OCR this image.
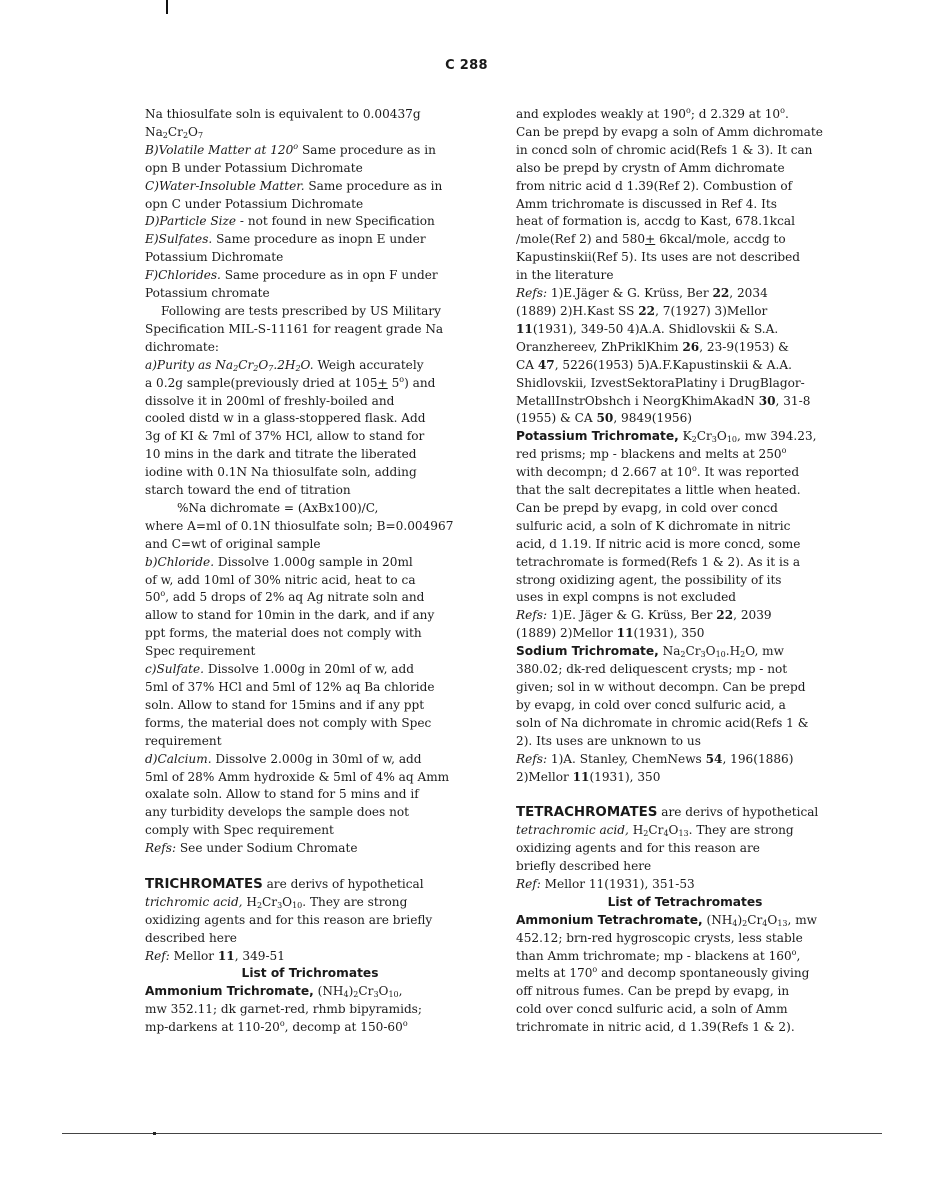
C 288

Na thiosulfate soln is equivalent to 0.00437g

$Na_2Cr_2O_7$

B)Volatile Matter at 120$^o$ Same procedure as in

opn B under Potassium Dichromate

C)Water-Insoluble Matter. Same procedure as in

opn C under Potassium Dichromate

D)Particle Size - not found in new Specification

E)Sulfates. Same procedure as inopn E under

Potassium Dichromate

F)Chlorides. Same procedure as in opn F under

Potassium chromate

Following are tests prescribed by US Military

Specification MIL-S-11161 for reagent grade Na

dichromate:

a)Purity as $Na_2Cr_2O_7.2H_2O$. Weigh accurately

a 0.2g sample(previously dried at $105+ 5^o$) and

dissolve it in 200ml of freshly-boiled and

cooled distd w in a glass-stoppered flask. Add

3g of KI & 7ml of 37% HCl, allow to stand for

10 mins in the dark and titrate the liberated

iodine with 0.1N Na thiosulfate soln, adding

starch toward the end of titration

%Na dichromate = (AxBx100)/C,

where A=ml of 0.1N thiosulfate soln; B=0.004967

and C=wt of original sample

b)Chloride. Dissolve 1.000g sample in 20ml

of w, add 10ml of 30% nitric acid, heat to ca

50$^o$, add 5 drops of 2% aq Ag nitrate soln and

allow to stand for 10min in the dark, and if any

ppt forms, the material does not comply with

Spec requirement

c)Sulfate. Dissolve 1.000g in 20ml of w, add

5ml of 37% HCl and 5ml of 12% aq Ba chloride

soln. Allow to stand for 15mins and if any ppt

forms, the material does not comply with Spec

requirement

d)Calcium. Dissolve 2.000g in 30ml of w, add

5ml of 28% Amm hydroxide & 5ml of 4% aq Amm

oxalate soln. Allow to stand for 5 mins and if

any turbidity develops the sample does not

comply with Spec requirement

Refs: See under Sodium Chromate

TRICHROMATES are derivs of hypothetical

trichromic acid, $H_2Cr_3O_{10}$. They are strong

oxidizing agents and for this reason are briefly

described here

Ref: Mellor 11, 349-51

List of Trichromates

Ammonium Trichromate, $(NH_4)_2Cr_3O_{10}$,

mw 352.11; dk garnet-red, rhmb bipyramids;

mp-darkens at 110-20$^o$, decomp at 150-60$^o$

and explodes weakly at 190$^o$; d 2.329 at 10$^o$.

Can be prepd by evapg a soln of Amm dichromate

in concd soln of chromic acid(Refs 1 & 3). It can

also be prepd by crystn of Amm dichromate

from nitric acid d 1.39(Ref 2). Combustion of

Amm trichromate is discussed in Ref 4. Its

heat of formation is, accdg to Kast, 678.1kcal

/mole(Ref 2) and 580+ 6kcal/mole, accdg to

Kapustinskii(Ref 5). Its uses are not described

in the literature

Refs: 1)E.Jäger & G. Krüss, Ber 22, 2034

(1889) 2)H.Kast SS 22, 7(1927) 3)Mellor

11(1931), 349-50 4)A.A. Shidlovskii & S.A.

Oranzhereev, ZhPriklKhim 26, 23-9(1953) &

CA 47, 5226(1953) 5)A.F.Kapustinskii & A.A.

Shidlovskii, IzvestSektoraPlatiny i DrugBlagor-

MetallInstrObshch i NeorgKhimAkadN 30, 31-8

(1955) & CA 50, 9849(1956)

Potassium Trichromate, $K_2Cr_3O_{10}$, mw 394.23,

red prisms; mp - blackens and melts at 250$^o$

with decompn; d 2.667 at 10$^o$. It was reported

that the salt decrepitates a little when heated.

Can be prepd by evapg, in cold over concd

sulfuric acid, a soln of K dichromate in nitric

acid, d 1.19. If nitric acid is more concd, some

tetrachromate is formed(Refs 1 & 2). As it is a

strong oxidizing agent, the possibility of its

uses in expl compns is not excluded

Refs: 1)E. Jäger & G. Krüss, Ber 22, 2039

(1889) 2)Mellor 11(1931), 350

Sodium Trichromate, $Na_2Cr_3O_{10}.H_2O$, mw

380.02; dk-red deliquescent crysts; mp - not

given; sol in w without decompn. Can be prepd

by evapg, in cold over concd sulfuric acid, a

soln of Na dichromate in chromic acid(Refs 1 &

2). Its uses are unknown to us

Refs: 1)A. Stanley, ChemNews 54, 196(1886)

2)Mellor 11(1931), 350

TETRACHROMATES are derivs of hypothetical

tetrachromic acid, $H_2Cr_4O_{13}$. They are strong

oxidizing agents and for this reason are

briefly described here

Ref: Mellor 11(1931), 351-53

List of Tetrachromates

Ammonium Tetrachromate, $(NH_4)_2Cr_4O_{13}$, mw

452.12; brn-red hygroscopic crysts, less stable

than Amm trichromate; mp - blackens at 160$^o$,

melts at 170$^o$ and decomp spontaneously giving

off nitrous fumes. Can be prepd by evapg, in

cold over concd sulfuric acid, a soln of Amm

trichromate in nitric acid, d 1.39(Refs 1 & 2).
